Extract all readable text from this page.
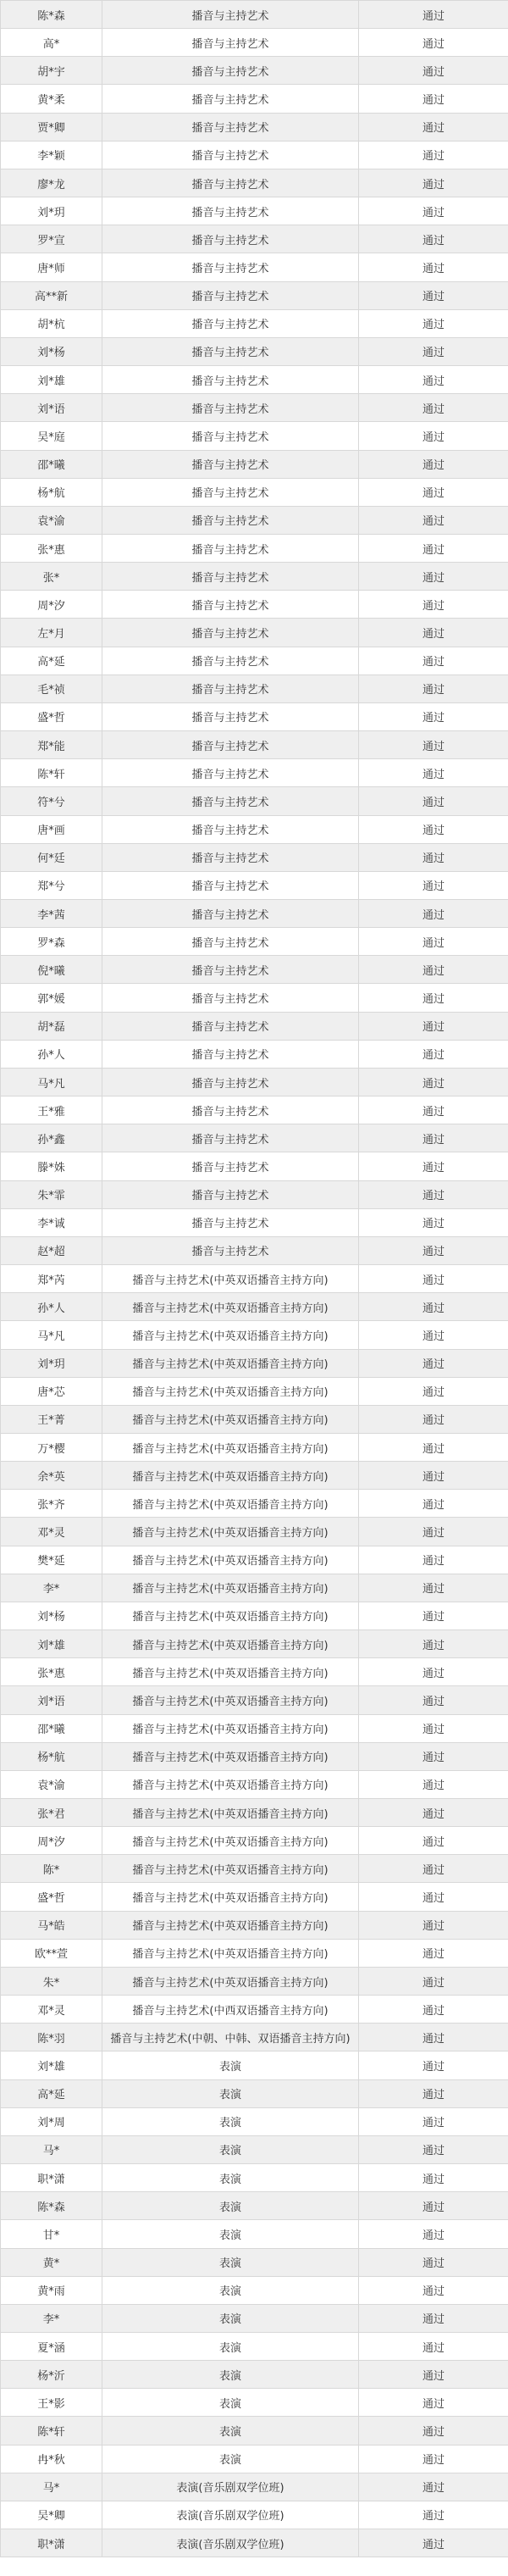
陈*森	播音与主持艺术	通过
高*	播音与主持艺术	通过
胡*宇	播音与主持艺术	通过
黄*柔	播音与主持艺术	通过
贾*卿	播音与主持艺术	通过
李*颖	播音与主持艺术	通过
廖*龙	播音与主持艺术	通过
刘*玥	播音与主持艺术	通过
罗*宣	播音与主持艺术	通过
唐*师	播音与主持艺术	通过
高**新	播音与主持艺术	通过
胡*杭	播音与主持艺术	通过
刘*杨	播音与主持艺术	通过
刘*雄	播音与主持艺术	通过
刘*语	播音与主持艺术	通过
吴*庭	播音与主持艺术	通过
邵*曦	播音与主持艺术	通过
杨*航	播音与主持艺术	通过
袁*渝	播音与主持艺术	通过
张*惠	播音与主持艺术	通过
张*	播音与主持艺术	通过
周*汐	播音与主持艺术	通过
左*月	播音与主持艺术	通过
高*延	播音与主持艺术	通过
毛*祯	播音与主持艺术	通过
盛*哲	播音与主持艺术	通过
郑*能	播音与主持艺术	通过
陈*轩	播音与主持艺术	通过
符*兮	播音与主持艺术	通过
唐*画	播音与主持艺术	通过
何*廷	播音与主持艺术	通过
郑*兮	播音与主持艺术	通过
李*茜	播音与主持艺术	通过
罗*森	播音与主持艺术	通过
倪*曦	播音与主持艺术	通过
郭*媛	播音与主持艺术	通过
胡*磊	播音与主持艺术	通过
孙*人	播音与主持艺术	通过
马*凡	播音与主持艺术	通过
王*雅	播音与主持艺术	通过
孙*鑫	播音与主持艺术	通过
滕*姝	播音与主持艺术	通过
朱*霏	播音与主持艺术	通过
李*诚	播音与主持艺术	通过
赵*超	播音与主持艺术	通过
郑*芮	播音与主持艺术(中英双语播音主持方向)	通过
孙*人	播音与主持艺术(中英双语播音主持方向)	通过
马*凡	播音与主持艺术(中英双语播音主持方向)	通过
刘*玥	播音与主持艺术(中英双语播音主持方向)	通过
唐*芯	播音与主持艺术(中英双语播音主持方向)	通过
王*菁	播音与主持艺术(中英双语播音主持方向)	通过
万*樱	播音与主持艺术(中英双语播音主持方向)	通过
余*英	播音与主持艺术(中英双语播音主持方向)	通过
张*齐	播音与主持艺术(中英双语播音主持方向)	通过
邓*灵	播音与主持艺术(中英双语播音主持方向)	通过
樊*延	播音与主持艺术(中英双语播音主持方向)	通过
李*	播音与主持艺术(中英双语播音主持方向)	通过
刘*杨	播音与主持艺术(中英双语播音主持方向)	通过
刘*雄	播音与主持艺术(中英双语播音主持方向)	通过
张*惠	播音与主持艺术(中英双语播音主持方向)	通过
刘*语	播音与主持艺术(中英双语播音主持方向)	通过
邵*曦	播音与主持艺术(中英双语播音主持方向)	通过
杨*航	播音与主持艺术(中英双语播音主持方向)	通过
袁*渝	播音与主持艺术(中英双语播音主持方向)	通过
张*君	播音与主持艺术(中英双语播音主持方向)	通过
周*汐	播音与主持艺术(中英双语播音主持方向)	通过
陈*	播音与主持艺术(中英双语播音主持方向)	通过
盛*哲	播音与主持艺术(中英双语播音主持方向)	通过
马*皓	播音与主持艺术(中英双语播音主持方向)	通过
欧**萱	播音与主持艺术(中英双语播音主持方向)	通过
朱*	播音与主持艺术(中英双语播音主持方向)	通过
邓*灵	播音与主持艺术(中西双语播音主持方向)	通过
陈*羽	播音与主持艺术(中朝、中韩、双语播音主持方向)	通过
刘*雄	表演	通过
高*延	表演	通过
刘*周	表演	通过
马*	表演	通过
职*潇	表演	通过
陈*森	表演	通过
甘*	表演	通过
黄*	表演	通过
黄*雨	表演	通过
李*	表演	通过
夏*涵	表演	通过
杨*沂	表演	通过
王*影	表演	通过
陈*轩	表演	通过
冉*秋	表演	通过
马*	表演(音乐剧双学位班)	通过
吴*卿	表演(音乐剧双学位班)	通过
职*潇	表演(音乐剧双学位班)	通过
